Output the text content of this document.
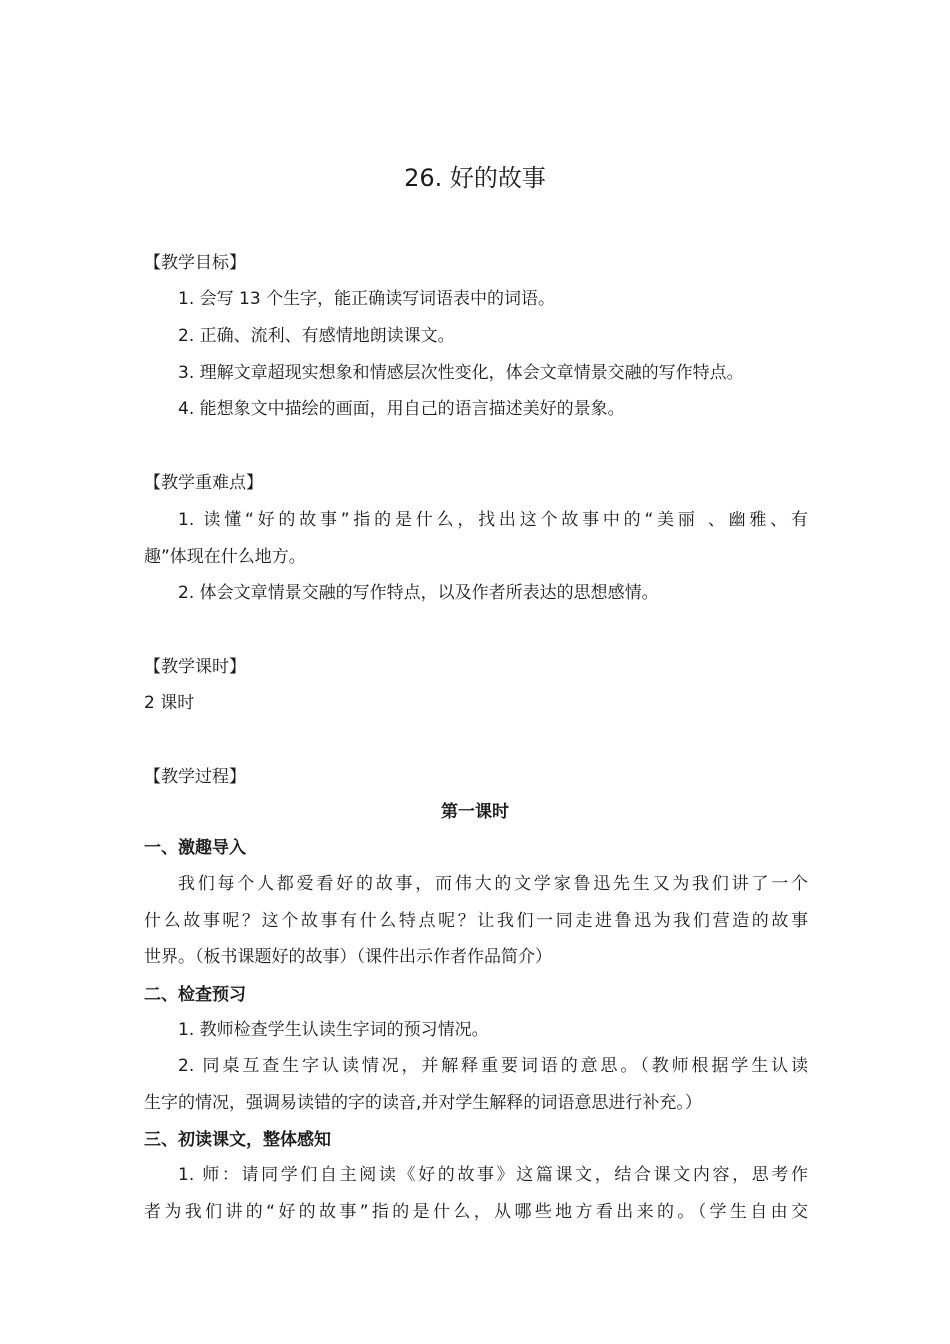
26. 好的故事
【教学目标】
1. 会写 13 个生字，能正确读写词语表中的词语。
2. 正确、流利、有感情地朗读课文。
3. 理解文章超现实想象和情感层次性变化，体会文章情景交融的写作特点。
4. 能想象文中描绘的画面，用自己的语言描述美好的景象。
【教学重难点】
1. 读懂“好的故事”指的是什么，找出这个故事中的“美丽 、幽雅、有
趣”体现在什么地方。
2. 体会文章情景交融的写作特点，以及作者所表达的思想感情。
【教学课时】
2 课时
【教学过程】
第一课时
一、激趣导入
我们每个人都爱看好的故事，而伟大的文学家鲁迅先生又为我们讲了一个
什么故事呢？这个故事有什么特点呢？让我们一同走进鲁迅为我们营造的故事
世界。（板书课题好的故事）（课件出示作者作品简介）
二、检查预习
1. 教师检查学生认读生字词的预习情况。
2. 同桌互查生字认读情况，并解释重要词语的意思。（教师根据学生认读
生字的情况，强调易读错的字的读音,并对学生解释的词语意思进行补充。）
三、初读课文，整体感知
1. 师：请同学们自主阅读《好的故事》这篇课文，结合课文内容，思考作
者为我们讲的“好的故事”指的是什么，从哪些地方看出来的。（学生自由交
